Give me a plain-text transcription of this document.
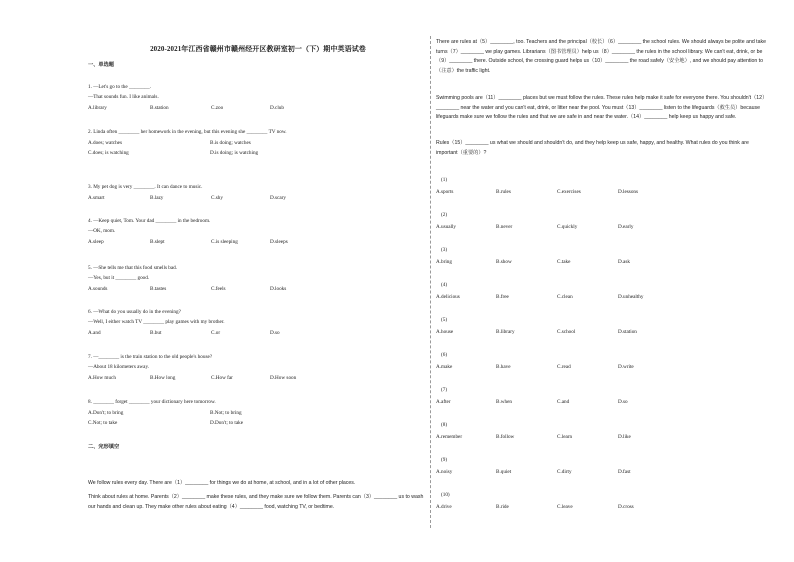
2020-2021年江西省赣州市赣州经开区教研室初一（下）期中英语试卷
一、单选题
1. —Let's go to the ________.
—That sounds fun. I like animals.
A.library	B.station	C.zoo	D.club
2. Linda often ________ her homework in the evening, but this evening she ________ TV now.
A.does; watches	B.is doing; watches
C.does; is watching	D.is doing; is watching
3. My pet dog is very ________. It can dance to music.
A.smart	B.lazy	C.shy	D.scary
4. —Keep quiet, Tom. Your dad ________ in the bedroom.
—OK, mom.
A.sleep	B.slept	C.is sleeping	D.sleeps
5. —She tells me that this food smells bad.
—Yes, but it ________ good.
A.sounds	B.tastes	C.feels	D.looks
6. —What do you usually do in the evening?
—Well, I either watch TV ________ play games with my brother.
A.and	B.but	C.or	D.so
7. —________ is the train station to the old people's house?
—About 18 kilometers away.
A.How much	B.How long	C.How far	D.How soon
8. ________ forget ________ your dictionary here tomorrow.
A.Don't; to bring	B.Not; to bring
C.Not; to take	D.Don't; to take
二、完形填空
We follow rules every day. There are（1）________ for things we do at home, at school, and in a lot of other places.
Think about rules at home. Parents（2）________ make these rules, and they make sure we follow them. Parents can（3）________ us to wash our hands and clean up. They make other rules about eating（4）________ food, watching TV, or bedtime.
There are rules at（5）________, too. Teachers and the principal（校长）（6）________ the school rules. We should always be polite and take turns（7）________ we play games. Librarians（图书管理员）help us（8）________ the rules in the school library. We can't eat, drink, or be（9）________ there. Outside school, the crossing guard helps us（10）________ the road safely（安全地）, and we should pay attention to（注意）the traffic light.
Swimming pools are（11）________ places but we must follow the rules. These rules help make it safe for everyone there. You shouldn't（12）________ near the water and you can't eat, drink, or litter near the pool. You must（13）________ listen to the lifeguards（救生员）because lifeguards make sure we follow the rules and that we are safe in and near the water.（14）________ help keep us happy and safe.
Rules（15）________ us what we should and shouldn't do, and they help keep us safe, happy, and healthy. What rules do you think are important（重要的）?
(1)
A.sports	B.rules	C.exercises	D.lessons
(2)
A.usually	B.never	C.quickly	D.early
(3)
A.bring	B.show	C.take	D.ask
(4)
A.delicious	B.free	C.clean	D.unhealthy
(5)
A.house	B.library	C.school	D.station
(6)
A.make	B.have	C.read	D.write
(7)
A.after	B.when	C.and	D.so
(8)
A.remember	B.follow	C.learn	D.like
(9)
A.noisy	B.quiet	C.dirty	D.fast
(10)
A.drive	B.ride	C.leave	D.cross
